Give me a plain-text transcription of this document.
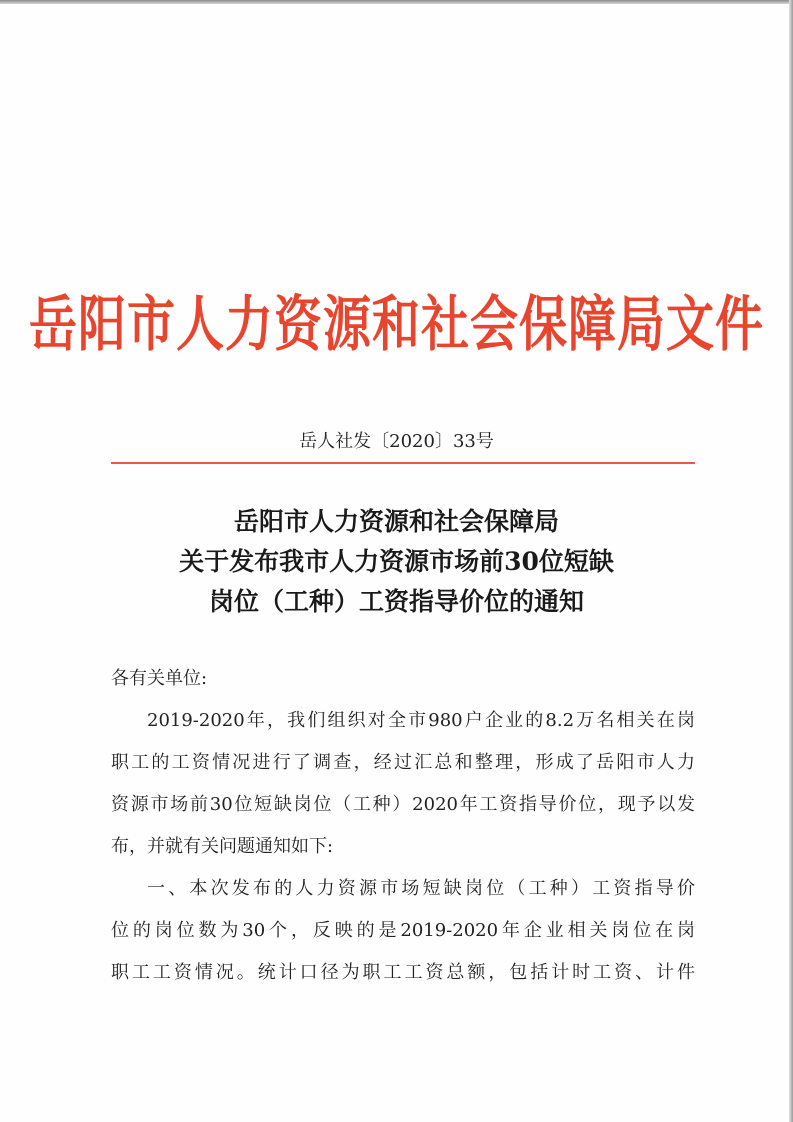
岳阳市人力资源和社会保障局文件
岳人社发〔2020〕33号
岳阳市人力资源和社会保障局
关于发布我市人力资源市场前30位短缺
岗位（工种）工资指导价位的通知
各有关单位:
2019-2020年，我们组织对全市980户企业的8.2万名相关在岗
职工的工资情况进行了调查，经过汇总和整理，形成了岳阳市人力
资源市场前30位短缺岗位（工种）2020年工资指导价位，现予以发
布，并就有关问题通知如下:
一、本次发布的人力资源市场短缺岗位（工种）工资指导价
位的岗位数为30个，反映的是2019-2020年企业相关岗位在岗
职工工资情况。统计口径为职工工资总额，包括计时工资、计件
